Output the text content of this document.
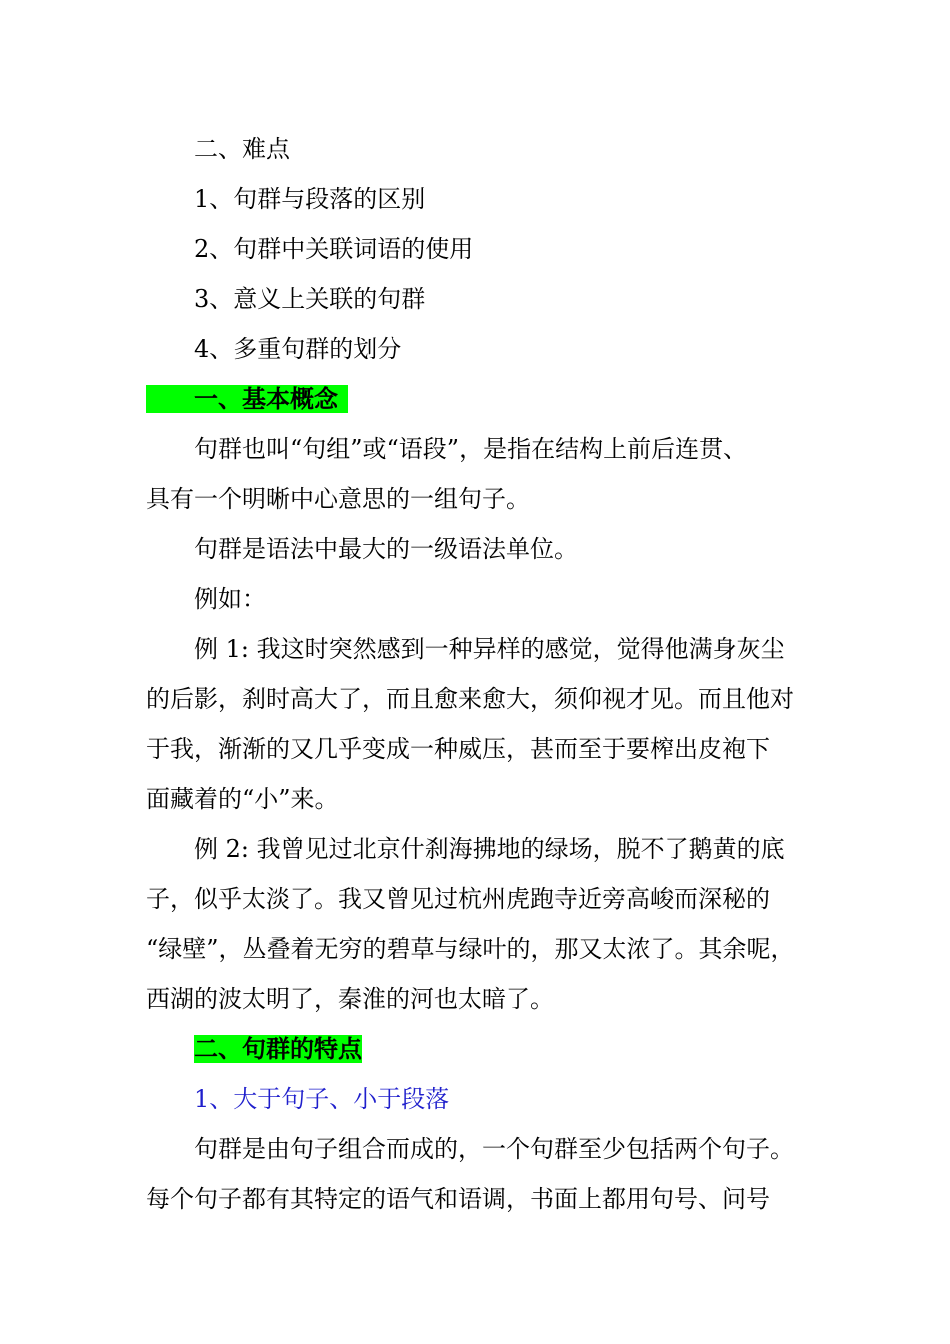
二、难点
1、句群与段落的区别
2、句群中关联词语的使用
3、意义上关联的句群
4、多重句群的划分
一、基本概念
句群也叫“句组”或“语段”，是指在结构上前后连贯、
具有一个明晰中心意思的一组句子。
句群是语法中最大的一级语法单位。
例如：
例 1: 我这时突然感到一种异样的感觉，觉得他满身灰尘
的后影，刹时高大了，而且愈来愈大，须仰视才见。而且他对
于我，渐渐的又几乎变成一种威压，甚而至于要榨出皮袍下
面藏着的“小”来。
例 2: 我曾见过北京什刹海拂地的绿场，脱不了鹅黄的底
子，似乎太淡了。我又曾见过杭州虎跑寺近旁高峻而深秘的
“绿壁”，丛叠着无穷的碧草与绿叶的，那又太浓了。其余呢，
西湖的波太明了，秦淮的河也太暗了。
二、句群的特点
1、大于句子、小于段落
句群是由句子组合而成的，一个句群至少包括两个句子。
每个句子都有其特定的语气和语调，书面上都用句号、问号
